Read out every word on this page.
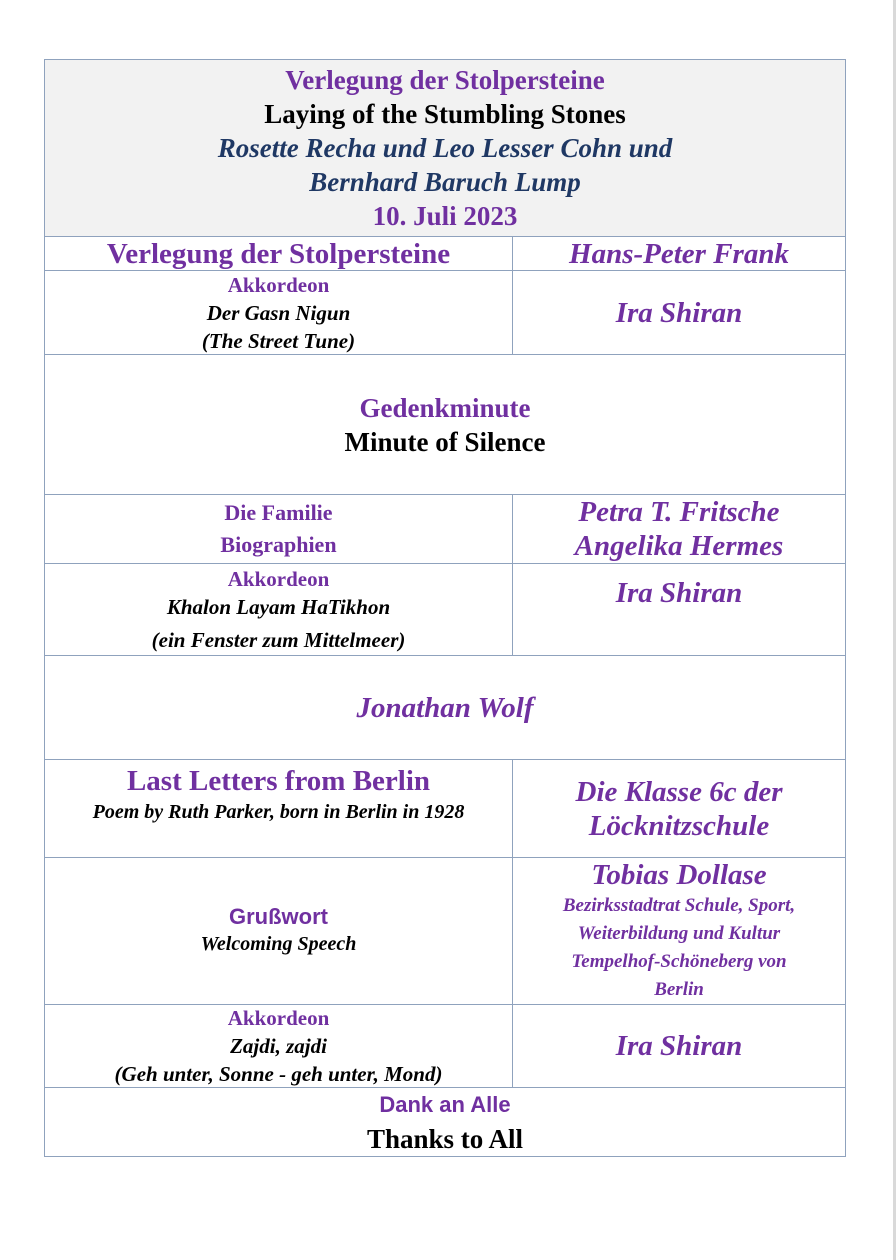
Verlegung der Stolpersteine
Laying of the Stumbling Stones
Rosette Recha und Leo Lesser Cohn und
Bernhard Baruch Lump
10. Juli 2023
Verlegung der Stolpersteine	Hans-Peter Frank
Akkordeon
Der Gasn Nigun
(The Street Tune)
Ira Shiran
Gedenkminute
Minute of Silence
Die Familie
Biographien
Petra T. Fritsche
Angelika Hermes
Akkordeon
Khalon Layam HaTikhon
(ein Fenster zum Mittelmeer)
Ira Shiran
Jonathan Wolf
Last Letters from Berlin
Poem by Ruth Parker, born in Berlin in 1928
Die Klasse 6c der
Löcknitzschule
Grußwort
Welcoming Speech
Tobias Dollase
Bezirksstadtrat Schule, Sport,
Weiterbildung und Kultur
Tempelhof-Schöneberg von
Berlin
Akkordeon
Zajdi, zajdi
(Geh unter, Sonne - geh unter, Mond)
Ira Shiran
Dank an Alle
Thanks to All
